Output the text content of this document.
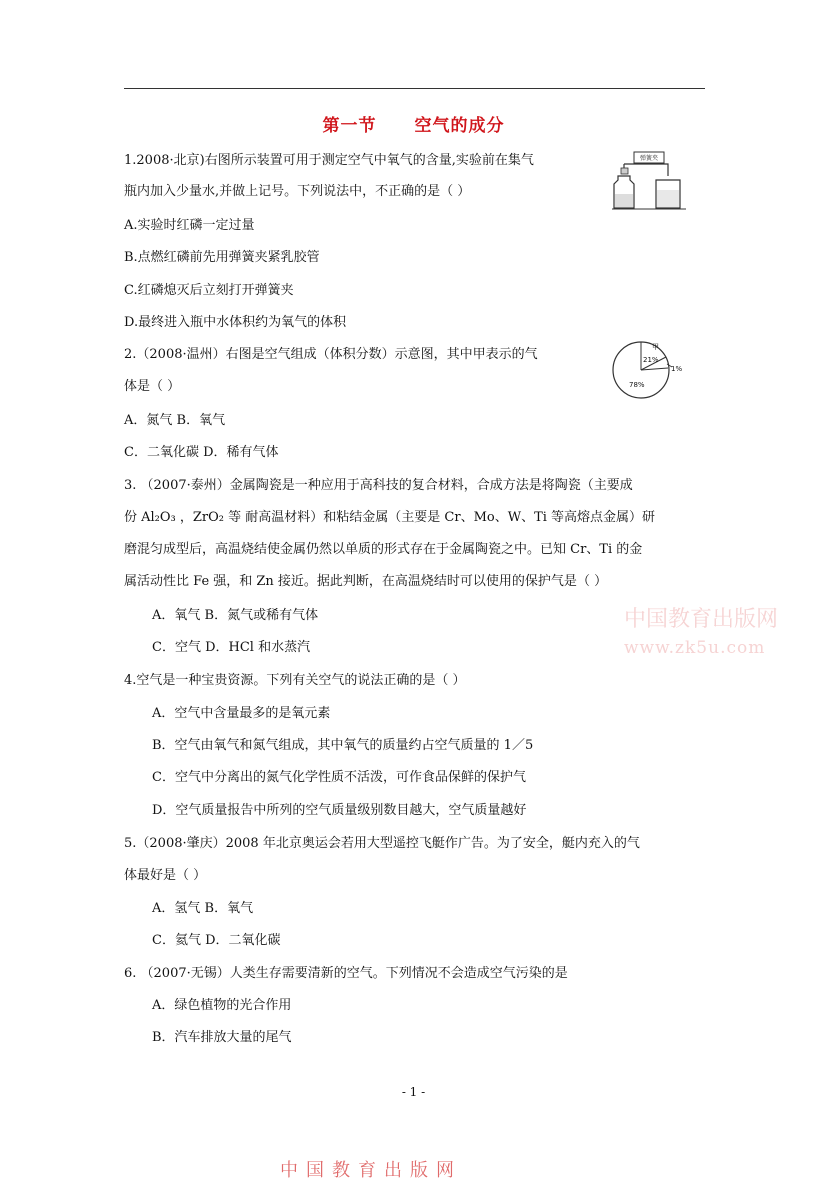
第一节 空气的成分
1.2008·北京)右图所示装置可用于测定空气中氧气的含量,实验前在集气
瓶内加入少量水,并做上记号。下列说法中，不正确的是（ ）
A.实验时红磷一定过量
B.点燃红磷前先用弹簧夹紧乳胶管
C.红磷熄灭后立刻打开弹簧夹
D.最终进入瓶中水体积约为氧气的体积
弹簧夹
2.（2008·温州）右图是空气组成（体积分数）示意图，其中甲表示的气
体是（ ）
A．氮气 B．氧气
C．二氧化碳 D．稀有气体
甲
21%
1%
78%
3. （2007·泰州）金属陶瓷是一种应用于高科技的复合材料，合成方法是将陶瓷（主要成
份 Al₂O₃ ，ZrO₂ 等 耐高温材料）和粘结金属（主要是 Cr、Mo、W、Ti 等高熔点金属）研
磨混匀成型后，高温烧结使金属仍然以单质的形式存在于金属陶瓷之中。已知 Cr、Ti 的金
属活动性比 Fe 强，和 Zn 接近。据此判断，在高温烧结时可以使用的保护气是（ ）
A．氧气 B．氮气或稀有气体
C．空气 D．HCl 和水蒸汽
4.空气是一种宝贵资源。下列有关空气的说法正确的是（ ）
A．空气中含量最多的是氧元素
B．空气由氧气和氮气组成，其中氧气的质量约占空气质量的 1／5
C．空气中分离出的氮气化学性质不活泼，可作食品保鲜的保护气
D．空气质量报告中所列的空气质量级别数目越大，空气质量越好
5.（2008·肇庆）2008 年北京奥运会若用大型遥控飞艇作广告。为了安全，艇内充入的气
体最好是（ ）
A．氢气 B．氧气
C．氦气 D．二氧化碳
6. （2007·无锡）人类生存需要清新的空气。下列情况不会造成空气污染的是
A．绿色植物的光合作用
B．汽车排放大量的尾气
中国教育出版网
www.zk5u.com
- 1 -
中国教育出版网
